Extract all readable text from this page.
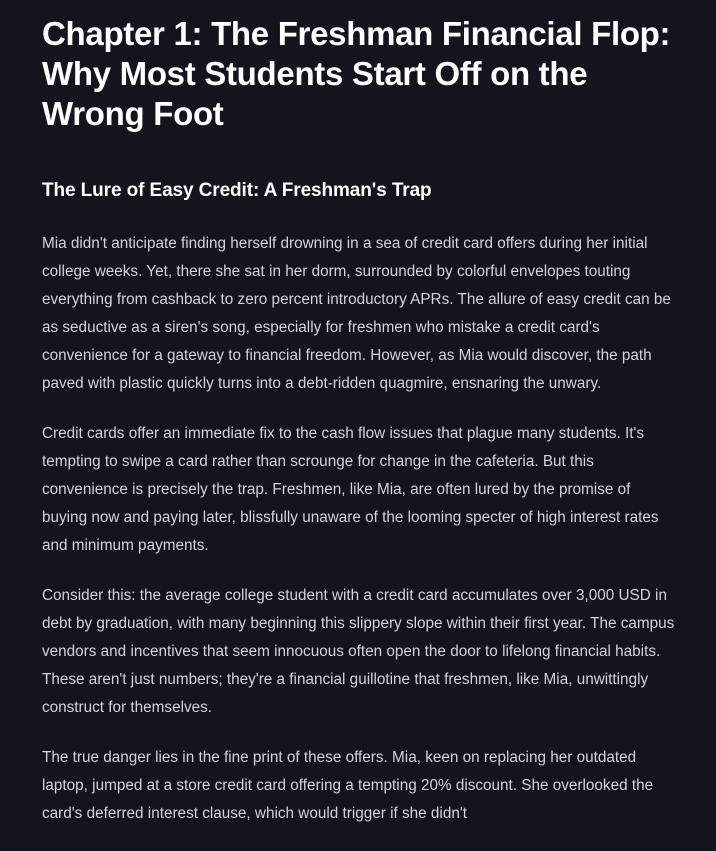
Chapter 1: The Freshman Financial Flop: Why Most Students Start Off on the Wrong Foot
The Lure of Easy Credit: A Freshman's Trap

Mia didn't anticipate finding herself drowning in a sea of credit card offers during her initial college weeks. Yet, there she sat in her dorm, surrounded by colorful envelopes touting everything from cashback to zero percent introductory APRs. The allure of easy credit can be as seductive as a siren's song, especially for freshmen who mistake a credit card's convenience for a gateway to financial freedom. However, as Mia would discover, the path paved with plastic quickly turns into a debt-ridden quagmire, ensnaring the unwary.

Credit cards offer an immediate fix to the cash flow issues that plague many students. It's tempting to swipe a card rather than scrounge for change in the cafeteria. But this convenience is precisely the trap. Freshmen, like Mia, are often lured by the promise of buying now and paying later, blissfully unaware of the looming specter of high interest rates and minimum payments.

Consider this: the average college student with a credit card accumulates over 3,000 USD in debt by graduation, with many beginning this slippery slope within their first year. The campus vendors and incentives that seem innocuous often open the door to lifelong financial habits. These aren't just numbers; they're a financial guillotine that freshmen, like Mia, unwittingly construct for themselves.

The true danger lies in the fine print of these offers. Mia, keen on replacing her outdated laptop, jumped at a store credit card offering a tempting 20% discount. She overlooked the card's deferred interest clause, which would trigger if she didn't
